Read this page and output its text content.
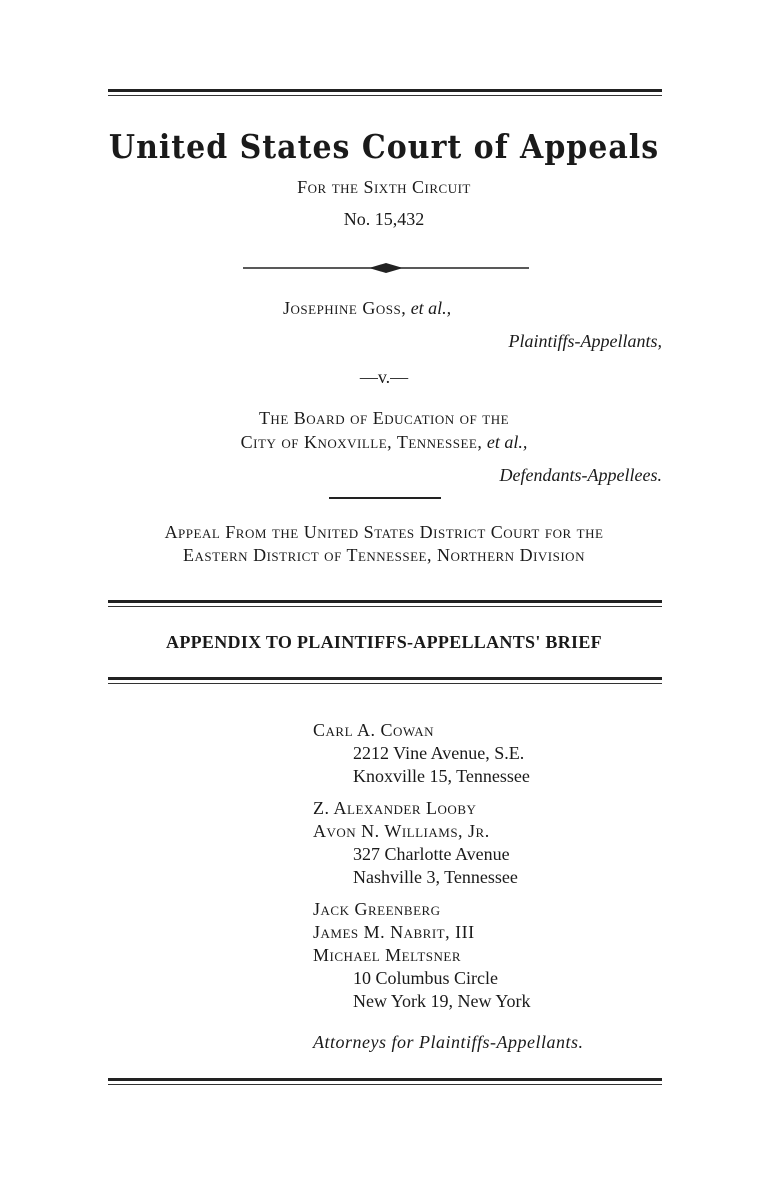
United States Court of Appeals
For the Sixth Circuit
No. 15,432
Josephine Goss, et al.,
Plaintiffs-Appellants,
—v.—
The Board of Education of the
City of Knoxville, Tennessee, et al.,
Defendants-Appellees.
Appeal From the United States District Court for the
Eastern District of Tennessee, Northern Division
APPENDIX TO PLAINTIFFS-APPELLANTS' BRIEF
Carl A. Cowan
2212 Vine Avenue, S.E.
Knoxville 15, Tennessee
Z. Alexander Looby
Avon N. Williams, Jr.
327 Charlotte Avenue
Nashville 3, Tennessee
Jack Greenberg
James M. Nabrit, III
Michael Meltsner
10 Columbus Circle
New York 19, New York
Attorneys for Plaintiffs-Appellants.
